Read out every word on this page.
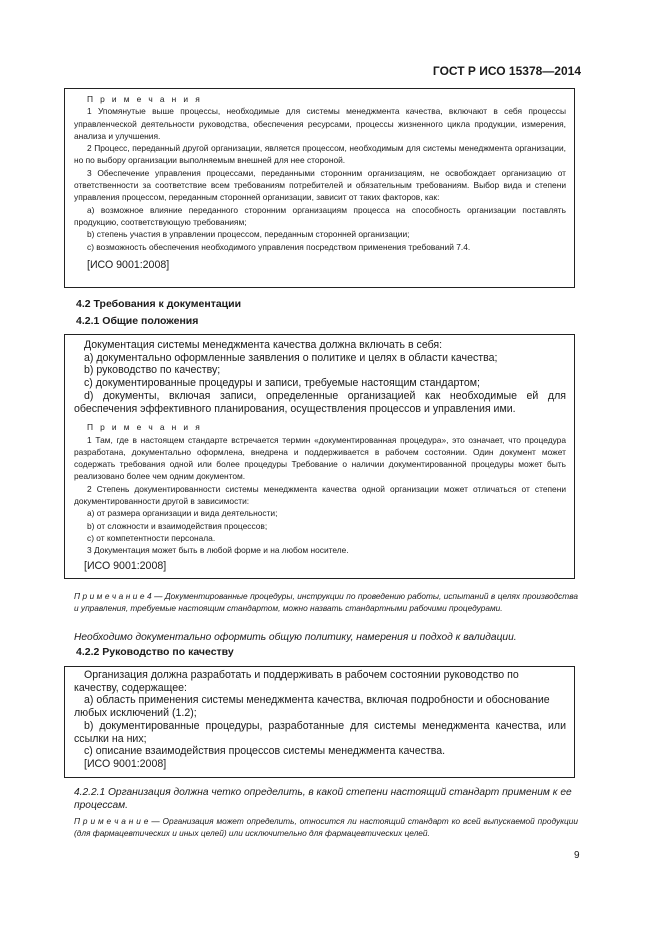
ГОСТ Р ИСО 15378—2014

П р и м е ч а н и я

1 Упомянутые выше процессы, необходимые для системы менеджмента качества, включают в себя процессы управленческой деятельности руководства, обеспечения ресурсами, процессы жизненного цикла продукции, измерения, анализа и улучшения.

2 Процесс, переданный другой организации, является процессом, необходимым для системы менеджмента организации, но по выбору организации выполняемым внешней для нее стороной.

3 Обеспечение управления процессами, переданными сторонним организациям, не освобождает организацию от ответственности за соответствие всем требованиям потребителей и обязательным требованиям. Выбор вида и степени управления процессом, переданным сторонней организации, зависит от таких факторов, как:

a) возможное влияние переданного сторонним организациям процесса на способность организации поставлять продукцию, соответствующую требованиям;

b) степень участия в управлении процессом, переданным сторонней организации;

c) возможность обеспечения необходимого управления посредством применения требований 7.4.

[ИСО 9001:2008]

4.2 Требования к документации

4.2.1 Общие положения

Документация системы менеджмента качества должна включать в себя:

а) документально оформленные заявления о политике и целях в области качества;

b) руководство по качеству;

c) документированные процедуры и записи, требуемые настоящим стандартом;

d) документы, включая записи, определенные организацией как необходимые ей для обеспечения эффективного планирования, осуществления процессов и управления ими.

П р и м е ч а н и я

1 Там, где в настоящем стандарте встречается термин «документированная процедура», это означает, что процедура разработана, документально оформлена, внедрена и поддерживается в рабочем состоянии. Один документ может содержать требования одной или более процедуры Требование о наличии документированной процедуры может быть реализовано более чем одним документом.

2 Степень документированности системы менеджмента качества одной организации может отличаться от степени документированности другой в зависимости:

a) от размера организации и вида деятельности;

b) от сложности и взаимодействия процессов;

c) от компетентности персонала.

3 Документация может быть в любой форме и на любом носителе.

[ИСО 9001:2008]

П р и м е ч а н и е 4 — Документированные процедуры, инструкции по проведению работы, испытаний в целях производства и управления, требуемые настоящим стандартом, можно назвать стандартными рабочими процедурами.

Необходимо документально оформить общую политику, намерения и подход к валидации.

4.2.2 Руководство по качеству

Организация должна разработать и поддерживать в рабочем состоянии руководство по качеству, содержащее:

а) область применения системы менеджмента качества, включая подробности и обоснование любых исключений (1.2);

b) документированные процедуры, разработанные для системы менеджмента качества, или ссылки на них;

c) описание взаимодействия процессов системы менеджмента качества.

[ИСО 9001:2008]

4.2.2.1 Организация должна четко определить, в какой степени настоящий стандарт применим к ее процессам.

П р и м е ч а н и е — Организация может определить, относится ли настоящий стандарт ко всей выпускаемой продукции (для фармацевтических и иных целей) или исключительно для фармацевтических целей.

9
